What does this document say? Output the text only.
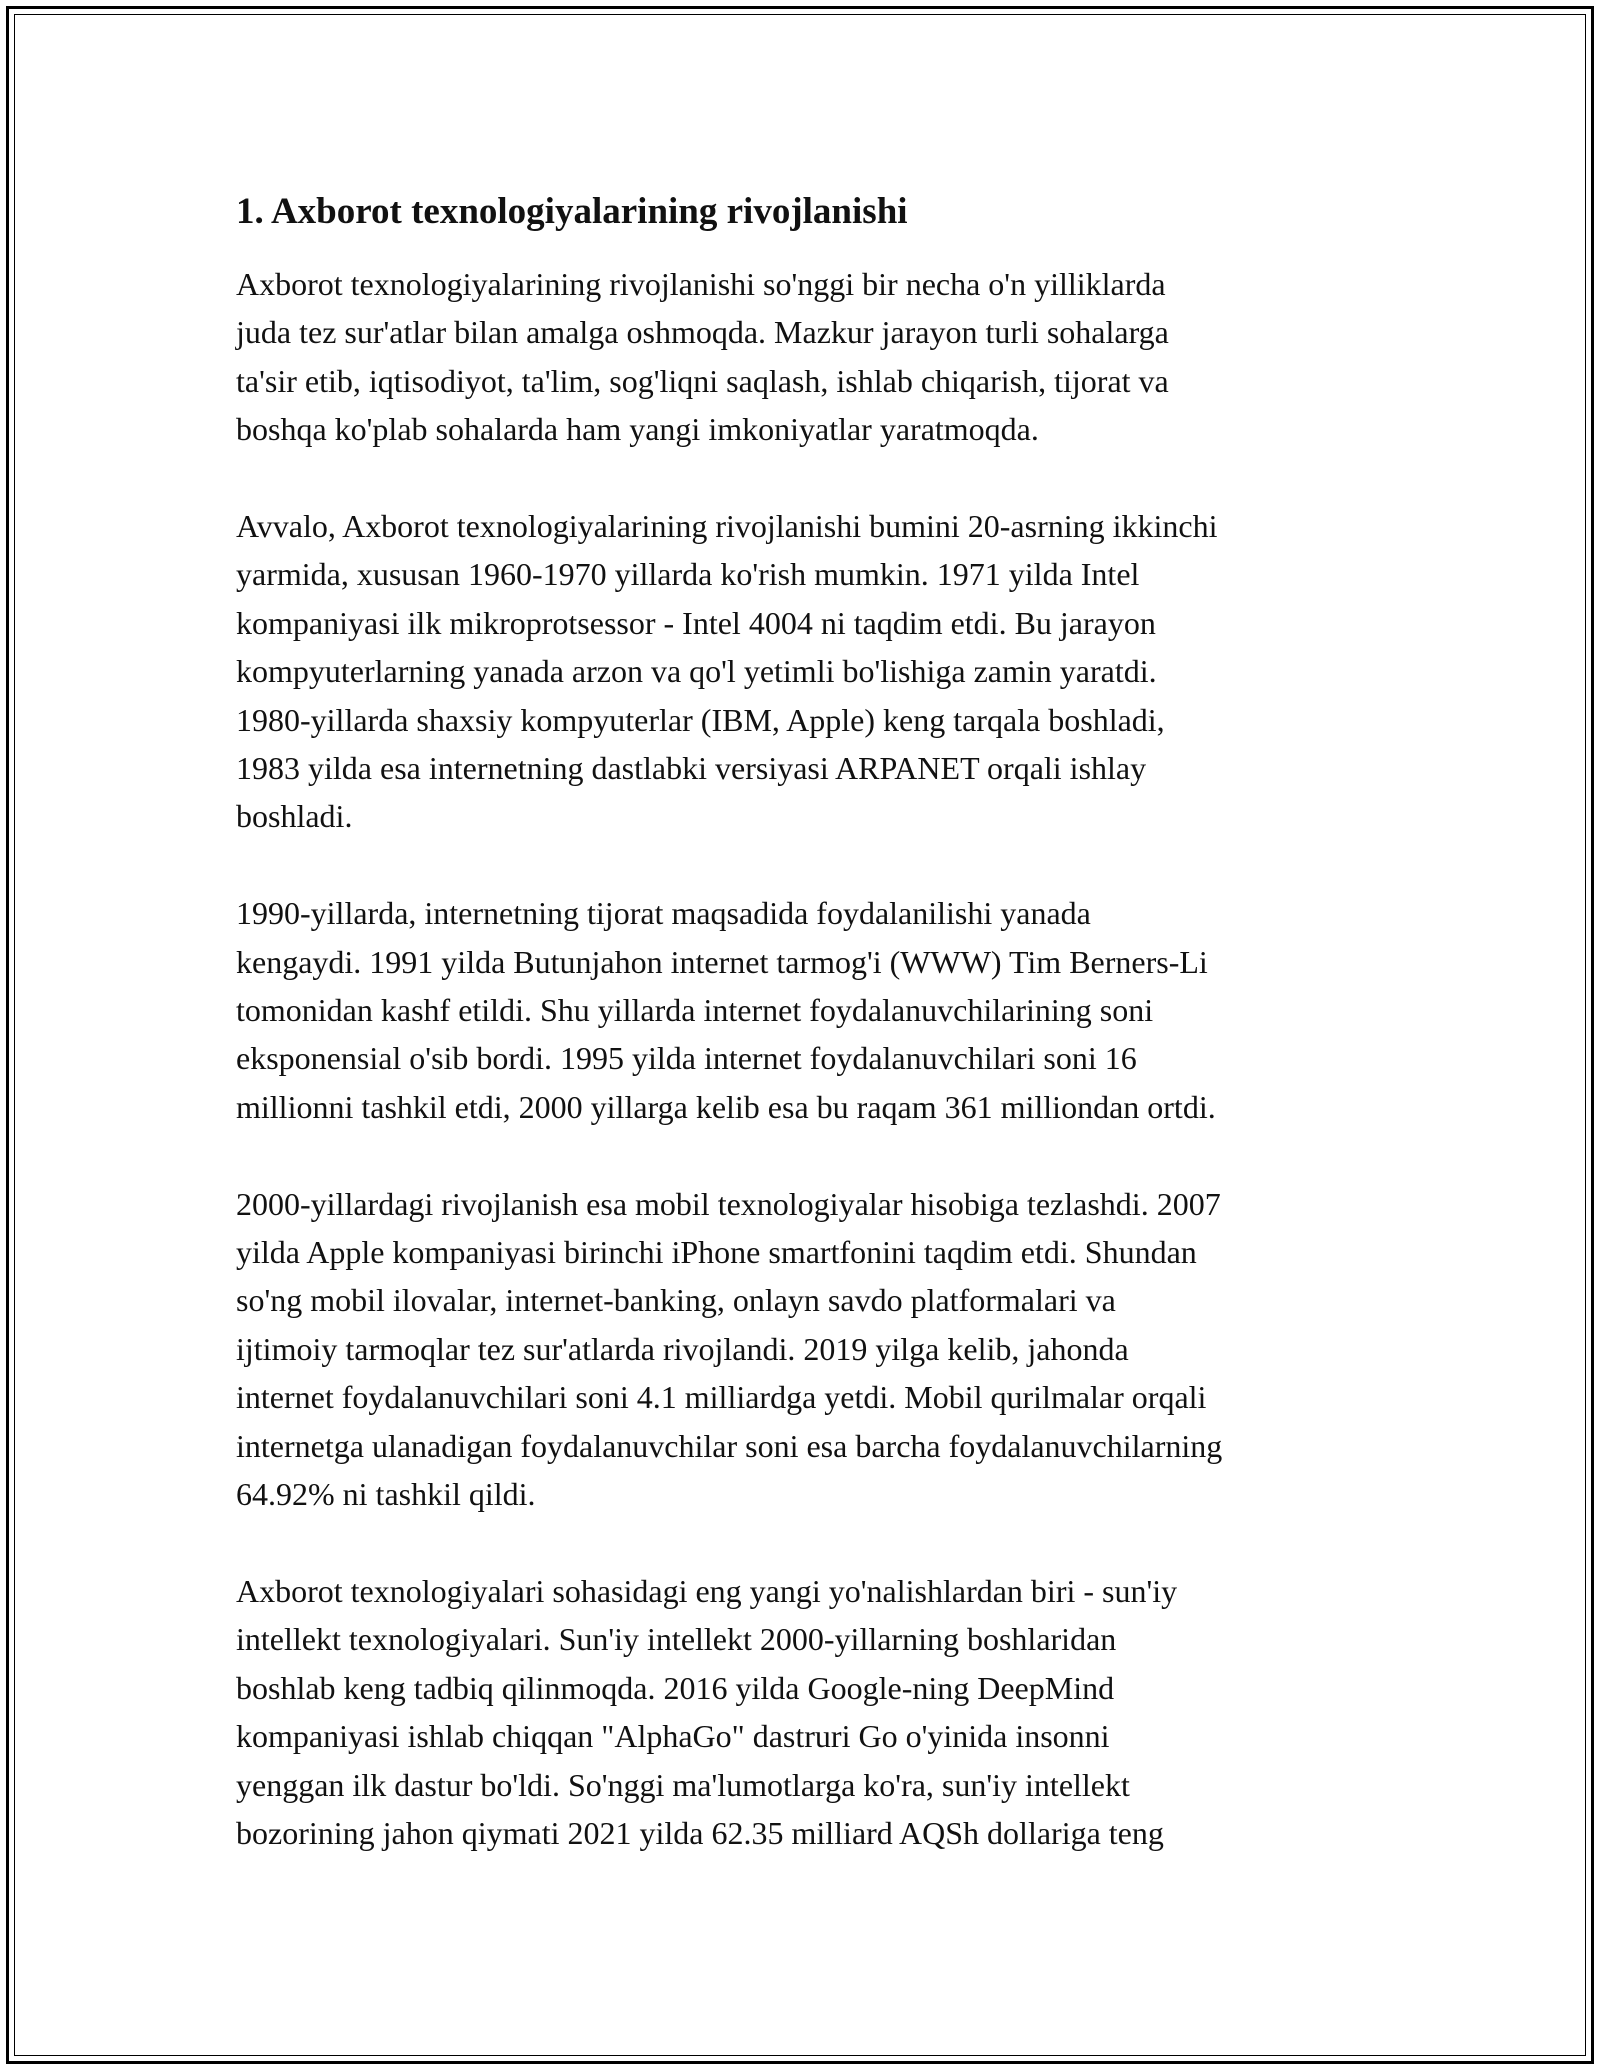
1. Axborot texnologiyalarining rivojlanishi
Axborot texnologiyalarining rivojlanishi so'nggi bir necha o'n yilliklarda
juda tez sur'atlar bilan amalga oshmoqda. Mazkur jarayon turli sohalarga
ta'sir etib, iqtisodiyot, ta'lim, sog'liqni saqlash, ishlab chiqarish, tijorat va
boshqa ko'plab sohalarda ham yangi imkoniyatlar yaratmoqda.
Avvalo, Axborot texnologiyalarining rivojlanishi bumini 20-asrning ikkinchi
yarmida, xususan 1960-1970 yillarda ko'rish mumkin. 1971 yilda Intel
kompaniyasi ilk mikroprotsessor - Intel 4004 ni taqdim etdi. Bu jarayon
kompyuterlarning yanada arzon va qo'l yetimli bo'lishiga zamin yaratdi.
1980-yillarda shaxsiy kompyuterlar (IBM, Apple) keng tarqala boshladi,
1983 yilda esa internetning dastlabki versiyasi ARPANET orqali ishlay
boshladi.
1990-yillarda, internetning tijorat maqsadida foydalanilishi yanada
kengaydi. 1991 yilda Butunjahon internet tarmog'i (WWW) Tim Berners-Li
tomonidan kashf etildi. Shu yillarda internet foydalanuvchilarining soni
eksponensial o'sib bordi. 1995 yilda internet foydalanuvchilari soni 16
millionni tashkil etdi, 2000 yillarga kelib esa bu raqam 361 milliondan ortdi.
2000-yillardagi rivojlanish esa mobil texnologiyalar hisobiga tezlashdi. 2007
yilda Apple kompaniyasi birinchi iPhone smartfonini taqdim etdi. Shundan
so'ng mobil ilovalar, internet-banking, onlayn savdo platformalari va
ijtimoiy tarmoqlar tez sur'atlarda rivojlandi. 2019 yilga kelib, jahonda
internet foydalanuvchilari soni 4.1 milliardga yetdi. Mobil qurilmalar orqali
internetga ulanadigan foydalanuvchilar soni esa barcha foydalanuvchilarning
64.92% ni tashkil qildi.
Axborot texnologiyalari sohasidagi eng yangi yo'nalishlardan biri - sun'iy
intellekt texnologiyalari. Sun'iy intellekt 2000-yillarning boshlaridan
boshlab keng tadbiq qilinmoqda. 2016 yilda Google-ning DeepMind
kompaniyasi ishlab chiqqan "AlphaGo" dastruri Go o'yinida insonni
yenggan ilk dastur bo'ldi. So'nggi ma'lumotlarga ko'ra, sun'iy intellekt
bozorining jahon qiymati 2021 yilda 62.35 milliard AQSh dollariga teng
